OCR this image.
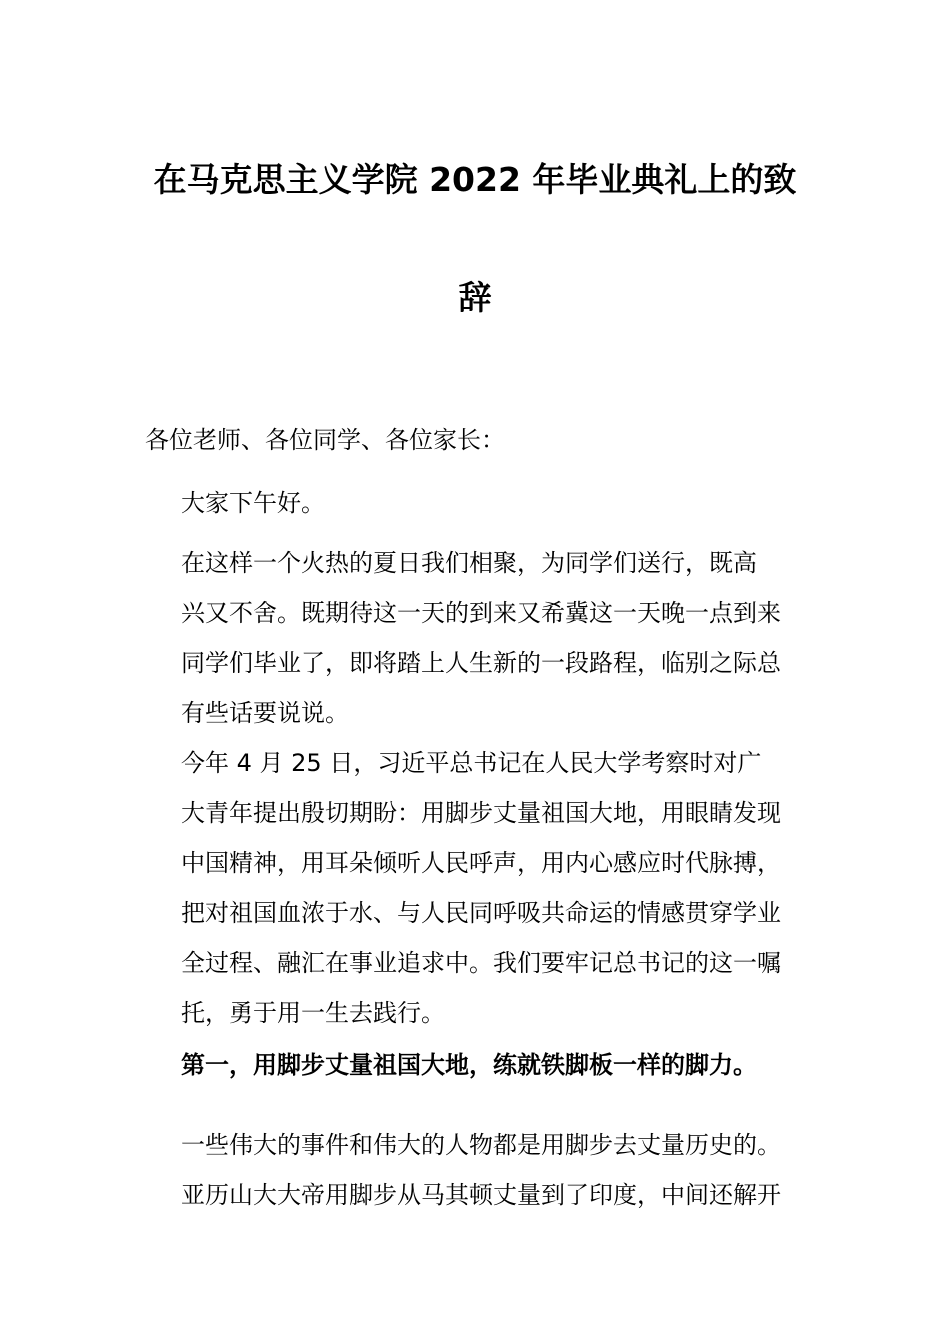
在马克思主义学院 2022 年毕业典礼上的致
辞

各位老师、各位同学、各位家长：

大家下午好。

在这样一个火热的夏日我们相聚，为同学们送行，既高
兴又不舍。既期待这一天的到来又希冀这一天晚一点到来
同学们毕业了，即将踏上人生新的一段路程，临别之际总
有些话要说说。

今年 4 月 25 日，习近平总书记在人民大学考察时对广
大青年提出殷切期盼：用脚步丈量祖国大地，用眼睛发现
中国精神，用耳朵倾听人民呼声，用内心感应时代脉搏，
把对祖国血浓于水、与人民同呼吸共命运的情感贯穿学业
全过程、融汇在事业追求中。我们要牢记总书记的这一嘱
托，勇于用一生去践行。

第一，用脚步丈量祖国大地，练就铁脚板一样的脚力。

一些伟大的事件和伟大的人物都是用脚步去丈量历史的。
亚历山大大帝用脚步从马其顿丈量到了印度，中间还解开
